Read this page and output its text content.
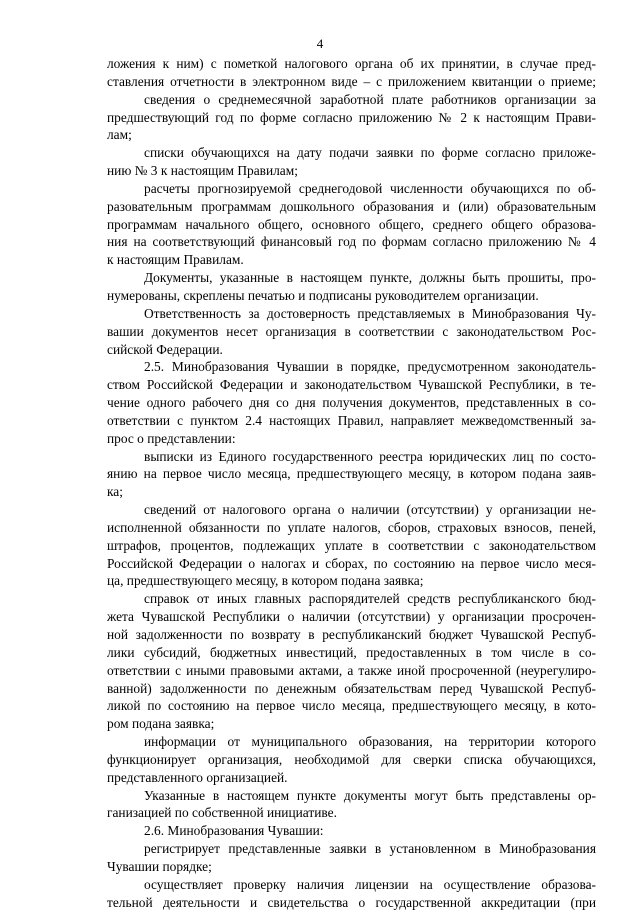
4
ложения к ним) с пометкой налогового органа об их принятии, в случае пред-
ставления отчетности в электронном виде – с приложением квитанции о приеме;
сведения о среднемесячной заработной плате работников организации за
предшествующий год по форме согласно приложению № 2 к настоящим Прави-
лам;
списки обучающихся на дату подачи заявки по форме согласно приложе-
нию № 3 к настоящим Правилам;
расчеты прогнозируемой среднегодовой численности обучающихся по об-
разовательным программам дошкольного образования и (или) образовательным
программам начального общего, основного общего, среднего общего образова-
ния на соответствующий финансовый год по формам согласно приложению № 4
к настоящим Правилам.
Документы, указанные в настоящем пункте, должны быть прошиты, про-
нумерованы, скреплены печатью и подписаны руководителем организации.
Ответственность за достоверность представляемых в Минобразования Чу-
вашии документов несет организация в соответствии с законодательством Рос-
сийской Федерации.
2.5. Минобразования Чувашии в порядке, предусмотренном законодатель-
ством Российской Федерации и законодательством Чувашской Республики, в те-
чение одного рабочего дня со дня получения документов, представленных в со-
ответствии с пунктом 2.4 настоящих Правил, направляет межведомственный за-
прос о представлении:
выписки из Единого государственного реестра юридических лиц по состо-
янию на первое число месяца, предшествующего месяцу, в котором подана заяв-
ка;
сведений от налогового органа о наличии (отсутствии) у организации не-
исполненной обязанности по уплате налогов, сборов, страховых взносов, пеней,
штрафов, процентов, подлежащих уплате в соответствии с законодательством
Российской Федерации о налогах и сборах, по состоянию на первое число меся-
ца, предшествующего месяцу, в котором подана заявка;
справок от иных главных распорядителей средств республиканского бюд-
жета Чувашской Республики о наличии (отсутствии) у организации просрочен-
ной задолженности по возврату в республиканский бюджет Чувашской Респуб-
лики субсидий, бюджетных инвестиций, предоставленных в том числе в со-
ответствии с иными правовыми актами, а также иной просроченной (неурегулиро-
ванной) задолженности по денежным обязательствам перед Чувашской Респуб-
ликой по состоянию на первое число месяца, предшествующего месяцу, в кото-
ром подана заявка;
информации от муниципального образования, на территории которого
функционирует организация, необходимой для сверки списка обучающихся,
представленного организацией.
Указанные в настоящем пункте документы могут быть представлены ор-
ганизацией по собственной инициативе.
2.6. Минобразования Чувашии:
регистрирует представленные заявки в установленном в Минобразования
Чувашии порядке;
осуществляет проверку наличия лицензии на осуществление образова-
тельной деятельности и свидетельства о государственной аккредитации (при
